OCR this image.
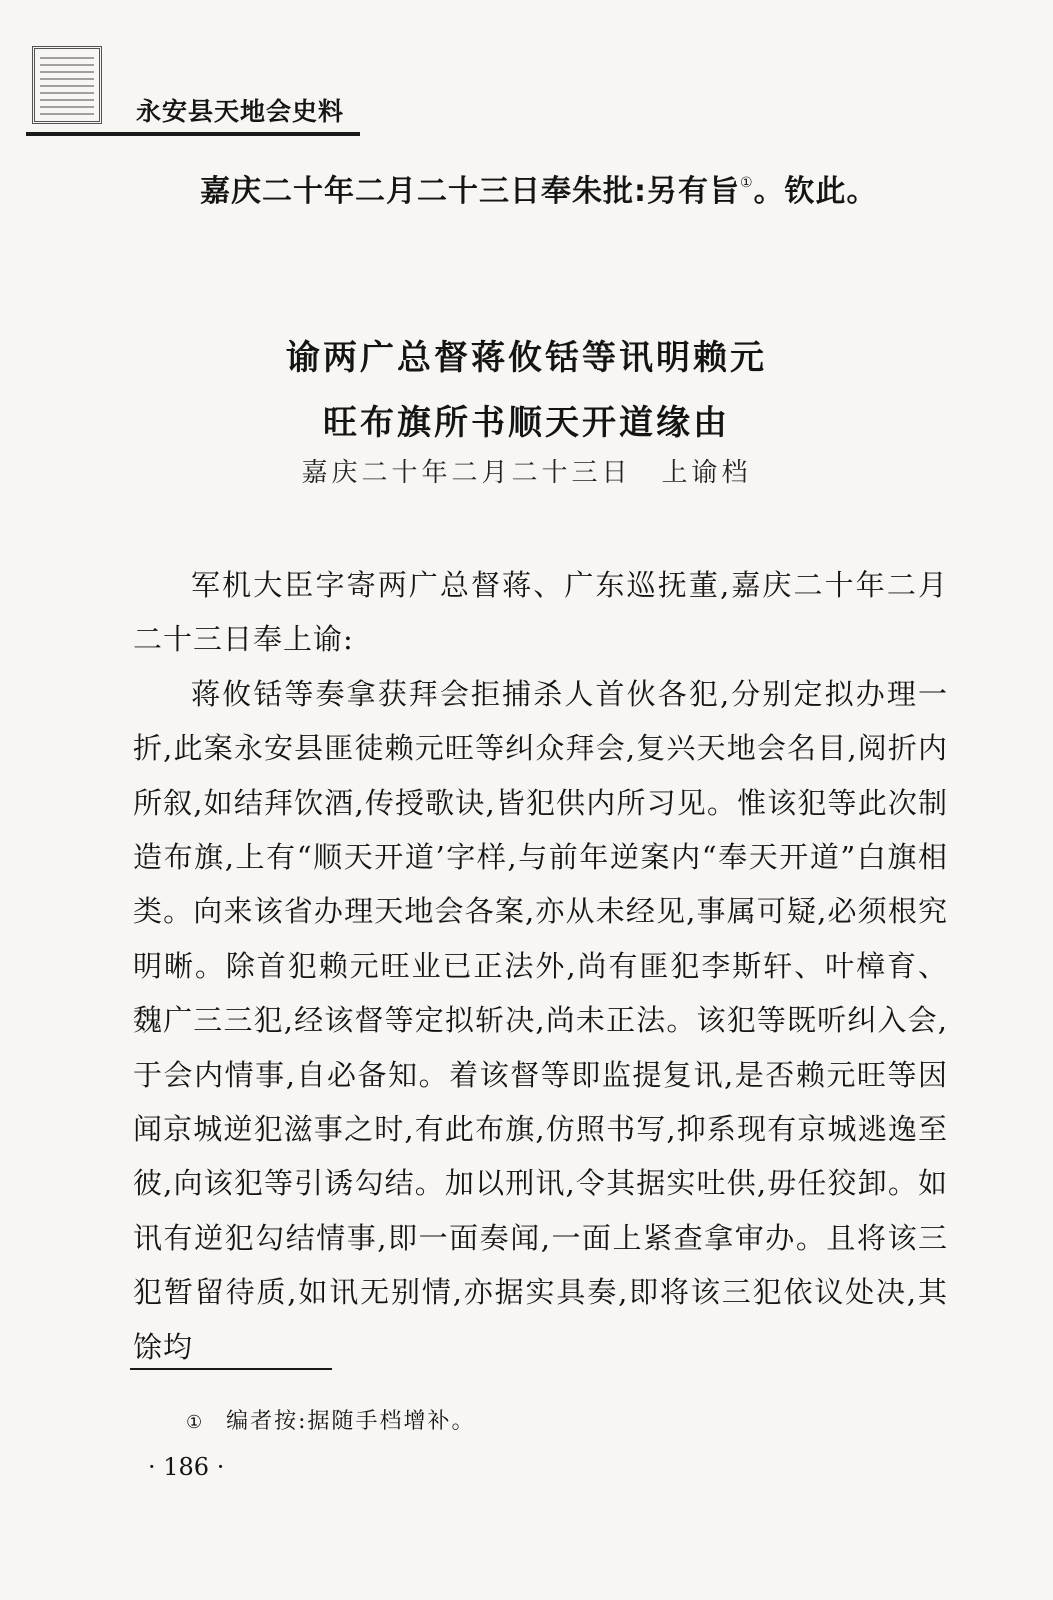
永安县天地会史料
嘉庆二十年二月二十三日奉朱批:另有旨①。钦此。
谕两广总督蒋攸铦等讯明赖元
旺布旗所书顺天开道缘由
嘉庆二十年二月二十三日　上谕档

军机大臣字寄两广总督蒋、广东巡抚董,嘉庆二十年二月二十三日奉上谕:

蒋攸铦等奏拿获拜会拒捕杀人首伙各犯,分别定拟办理一折,此案永安县匪徒赖元旺等纠众拜会,复兴天地会名目,阅折内所叙,如结拜饮酒,传授歌诀,皆犯供内所习见。惟该犯等此次制造布旗,上有“顺天开道’字样,与前年逆案内“奉天开道”白旗相类。向来该省办理天地会各案,亦从未经见,事属可疑,必须根究明晰。除首犯赖元旺业已正法外,尚有匪犯李斯轩、叶樟育、魏广三三犯,经该督等定拟斩决,尚未正法。该犯等既听纠入会,于会内情事,自必备知。着该督等即监提复讯,是否赖元旺等因闻京城逆犯滋事之时,有此布旗,仿照书写,抑系现有京城逃逸至彼,向该犯等引诱勾结。加以刑讯,令其据实吐供,毋任狡卸。如讯有逆犯勾结情事,即一面奏闻,一面上紧查拿审办。且将该三犯暂留待质,如讯无别情,亦据实具奏,即将该三犯依议处决,其馀均

① 编者按:据随手档增补。
· 186 ·
